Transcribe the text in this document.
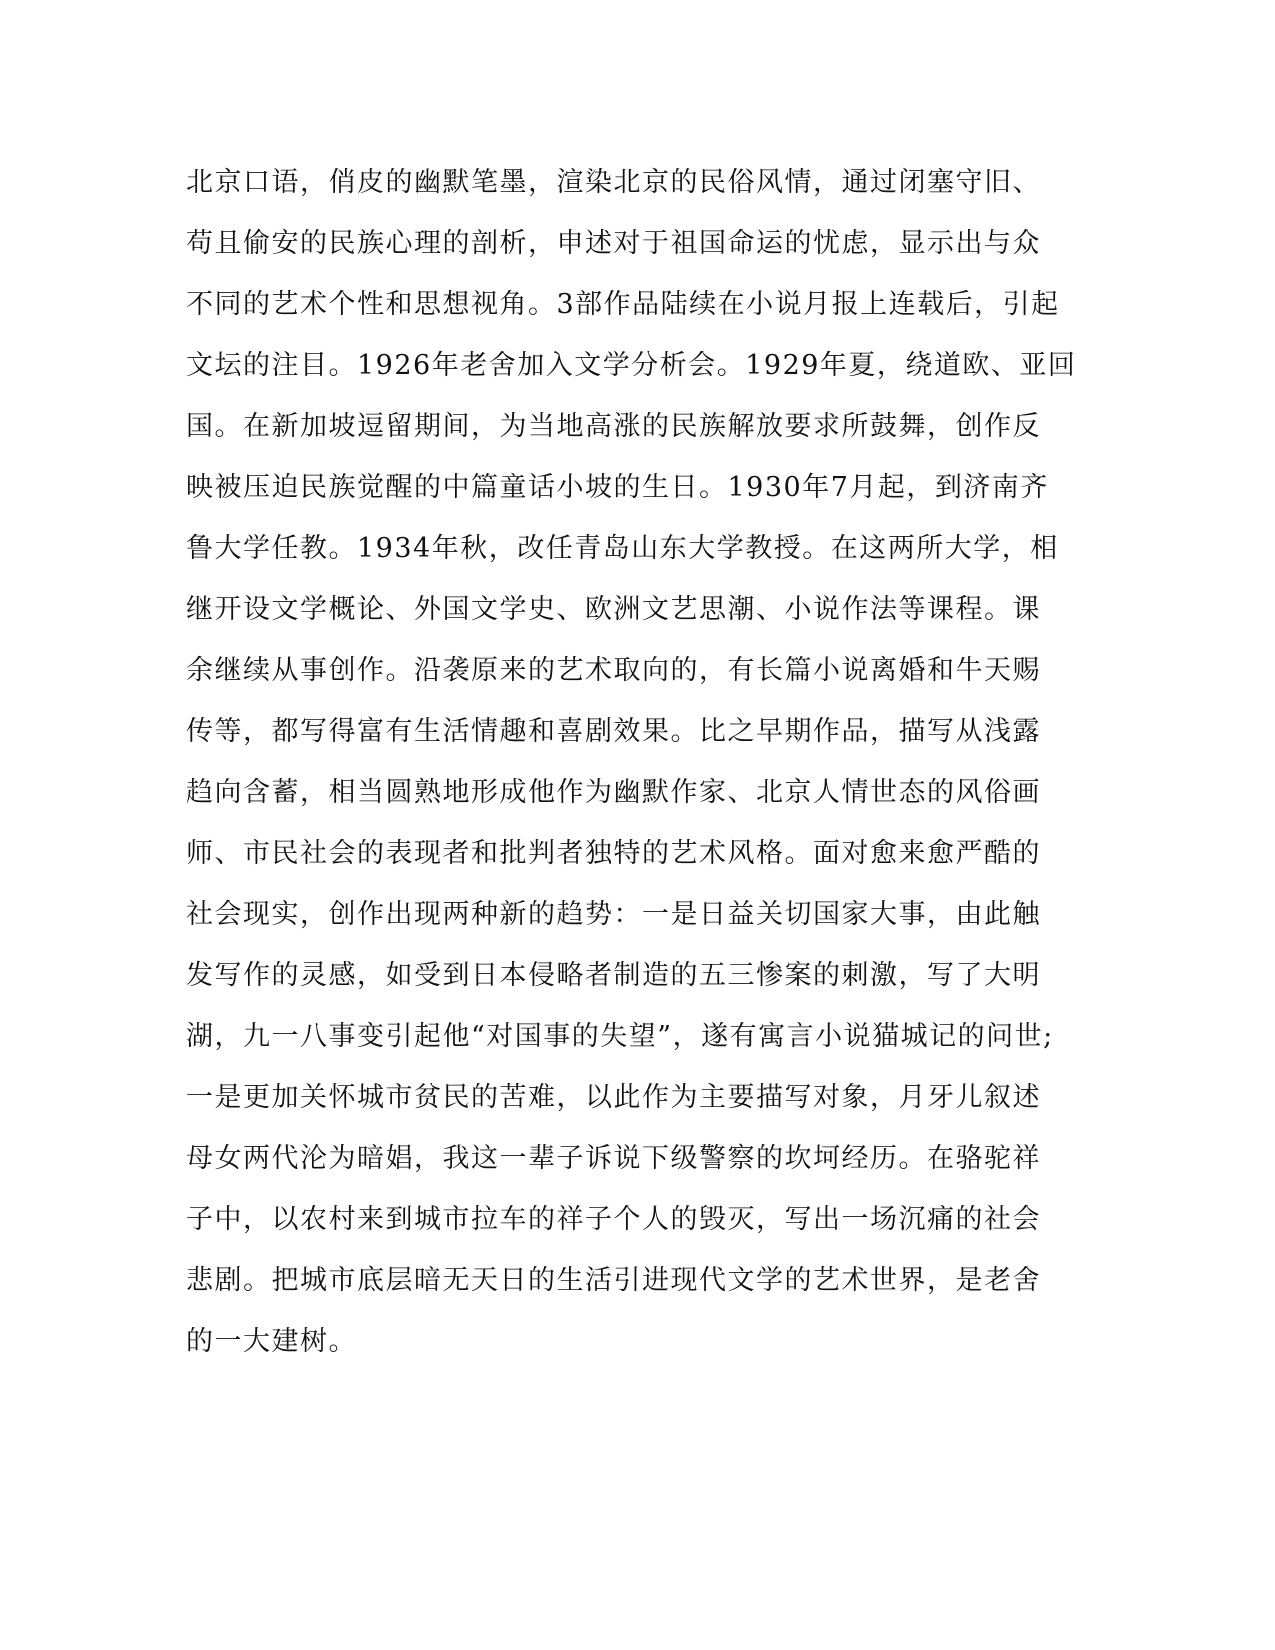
北京口语，俏皮的幽默笔墨，渲染北京的民俗风情，通过闭塞守旧、
苟且偷安的民族心理的剖析，申述对于祖国命运的忧虑，显示出与众
不同的艺术个性和思想视角。3部作品陆续在小说月报上连载后，引起
文坛的注目。1926年老舍加入文学分析会。1929年夏，绕道欧、亚回
国。在新加坡逗留期间，为当地高涨的民族解放要求所鼓舞，创作反
映被压迫民族觉醒的中篇童话小坡的生日。1930年7月起，到济南齐
鲁大学任教。1934年秋，改任青岛山东大学教授。在这两所大学，相
继开设文学概论、外国文学史、欧洲文艺思潮、小说作法等课程。课
余继续从事创作。沿袭原来的艺术取向的，有长篇小说离婚和牛天赐
传等，都写得富有生活情趣和喜剧效果。比之早期作品，描写从浅露
趋向含蓄，相当圆熟地形成他作为幽默作家、北京人情世态的风俗画
师、市民社会的表现者和批判者独特的艺术风格。面对愈来愈严酷的
社会现实，创作出现两种新的趋势：一是日益关切国家大事，由此触
发写作的灵感，如受到日本侵略者制造的五三惨案的刺激，写了大明
湖，九一八事变引起他“对国事的失望”，遂有寓言小说猫城记的问世;
一是更加关怀城市贫民的苦难，以此作为主要描写对象，月牙儿叙述
母女两代沦为暗娼，我这一辈子诉说下级警察的坎坷经历。在骆驼祥
子中，以农村来到城市拉车的祥子个人的毁灭，写出一场沉痛的社会
悲剧。把城市底层暗无天日的生活引进现代文学的艺术世界，是老舍
的一大建树。
